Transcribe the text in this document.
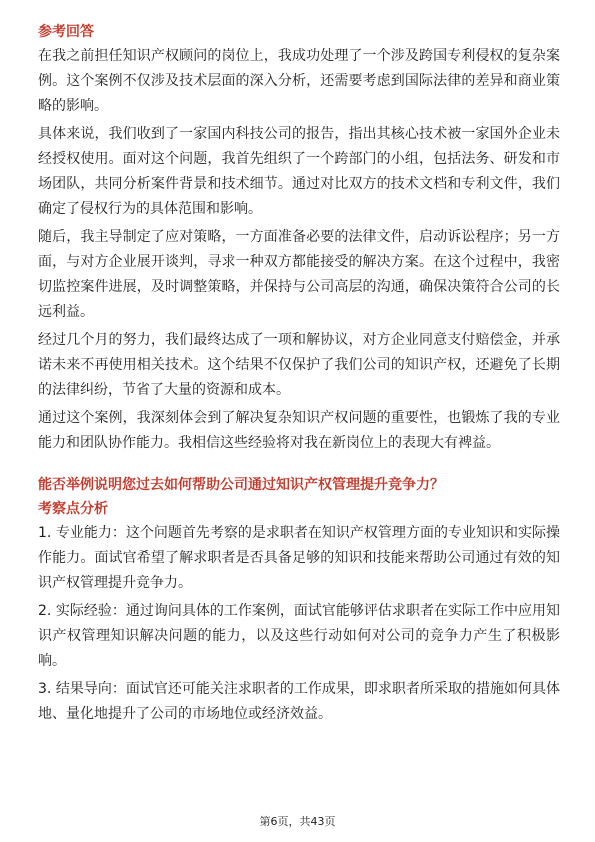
参考回答

在我之前担任知识产权顾问的岗位上，我成功处理了一个涉及跨国专利侵权的复杂案例。这个案例不仅涉及技术层面的深入分析，还需要考虑到国际法律的差异和商业策略的影响。

具体来说，我们收到了一家国内科技公司的报告，指出其核心技术被一家国外企业未经授权使用。面对这个问题，我首先组织了一个跨部门的小组，包括法务、研发和市场团队，共同分析案件背景和技术细节。通过对比双方的技术文档和专利文件，我们确定了侵权行为的具体范围和影响。

随后，我主导制定了应对策略，一方面准备必要的法律文件，启动诉讼程序；另一方面，与对方企业展开谈判，寻求一种双方都能接受的解决方案。在这个过程中，我密切监控案件进展，及时调整策略，并保持与公司高层的沟通，确保决策符合公司的长远利益。

经过几个月的努力，我们最终达成了一项和解协议，对方企业同意支付赔偿金，并承诺未来不再使用相关技术。这个结果不仅保护了我们公司的知识产权，还避免了长期的法律纠纷，节省了大量的资源和成本。

通过这个案例，我深刻体会到了解决复杂知识产权问题的重要性，也锻炼了我的专业能力和团队协作能力。我相信这些经验将对我在新岗位上的表现大有裨益。

能否举例说明您过去如何帮助公司通过知识产权管理提升竞争力？

考察点分析

1. 专业能力：这个问题首先考察的是求职者在知识产权管理方面的专业知识和实际操作能力。面试官希望了解求职者是否具备足够的知识和技能来帮助公司通过有效的知识产权管理提升竞争力。

2. 实际经验：通过询问具体的工作案例，面试官能够评估求职者在实际工作中应用知识产权管理知识解决问题的能力，以及这些行动如何对公司的竞争力产生了积极影响。

3. 结果导向：面试官还可能关注求职者的工作成果，即求职者所采取的措施如何具体地、量化地提升了公司的市场地位或经济效益。

第6页，共43页
